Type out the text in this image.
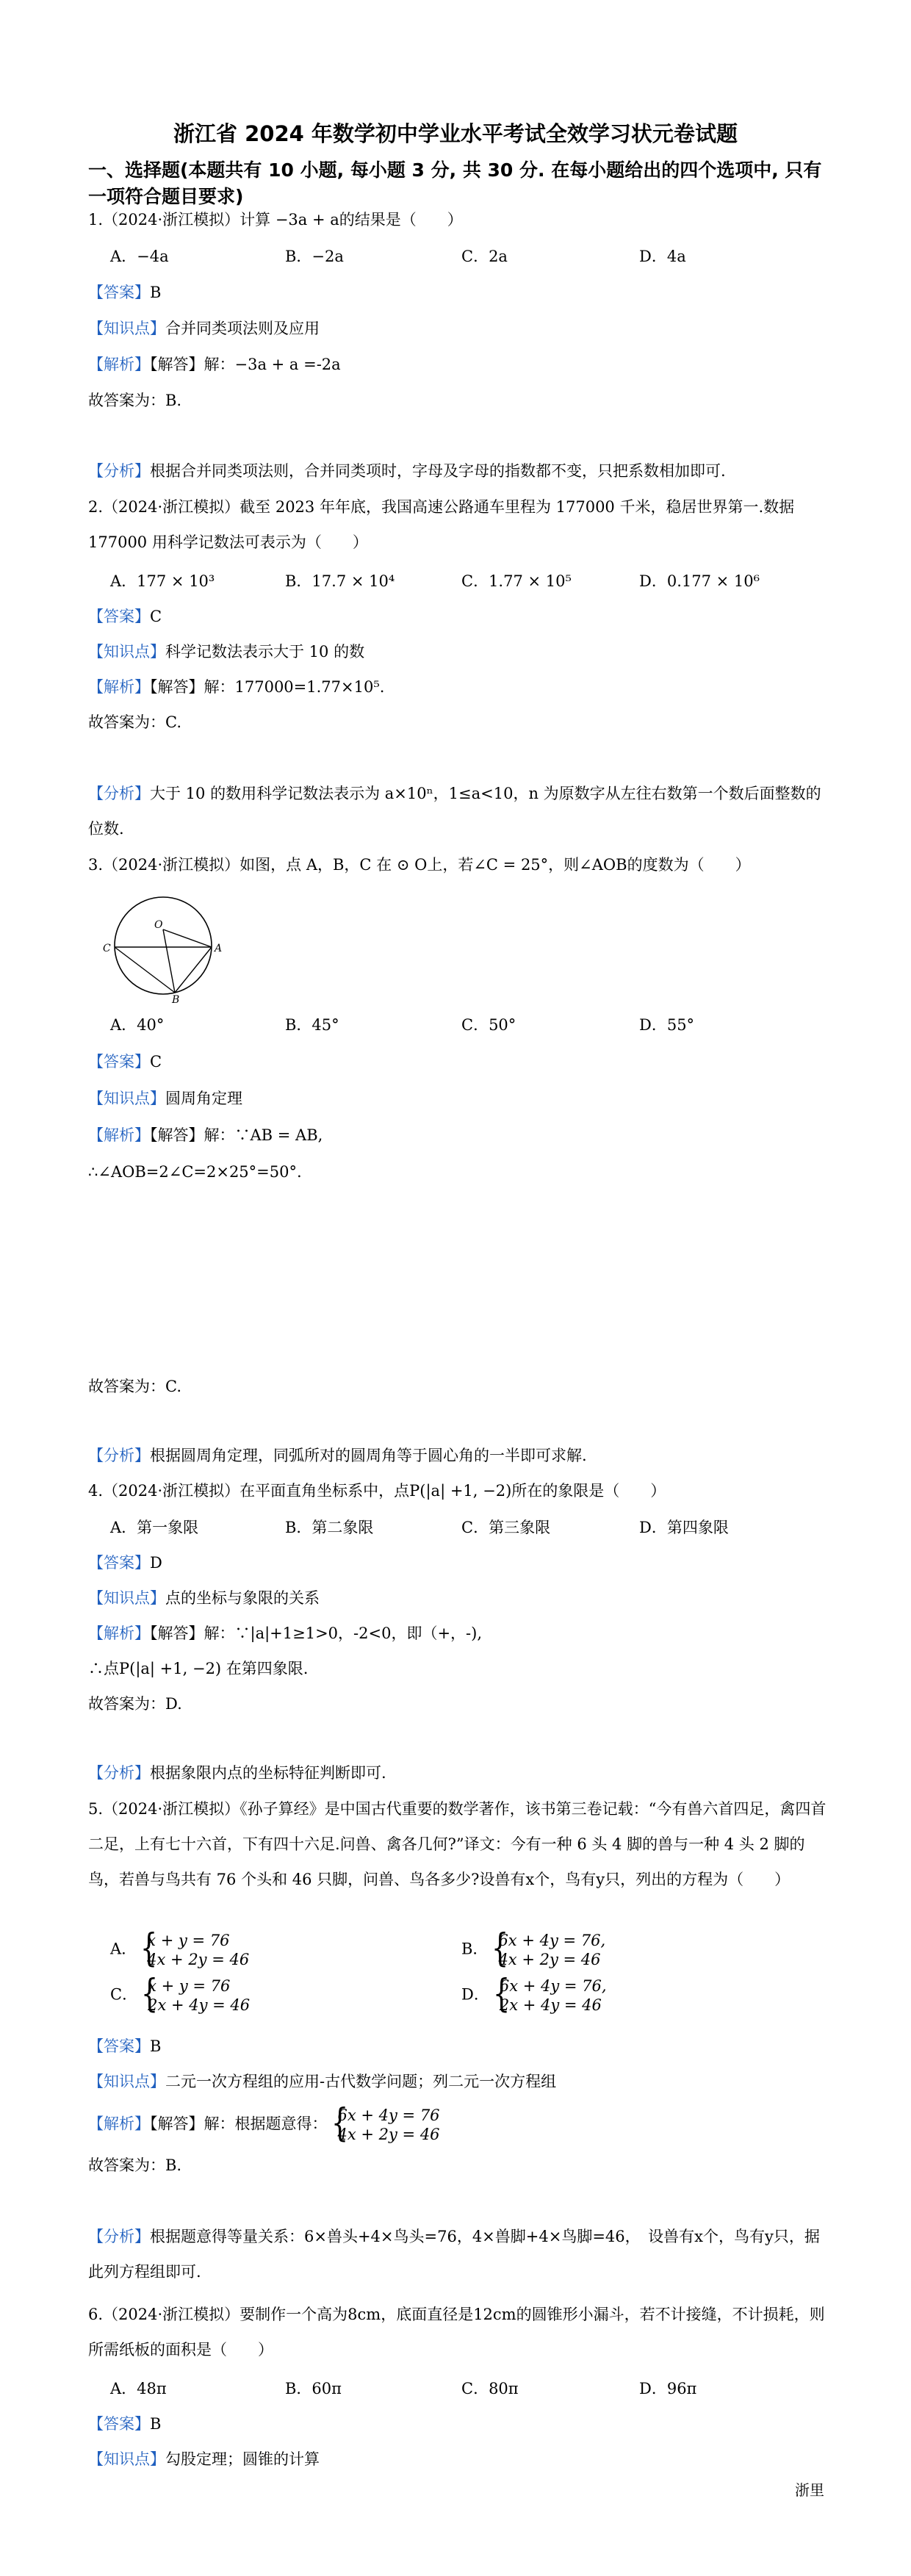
浙江省 2024 年数学初中学业水平考试全效学习状元卷试题
一、选择题(本题共有 10 小题, 每小题 3 分, 共 30 分. 在每小题给出的四个选项中, 只有一项符合题目要求)
1.（2024·浙江模拟）计算 −3a + a的结果是（　　）
A．−4a	B．−2a	C．2a	D．4a
【答案】B
【知识点】合并同类项法则及应用
【解析】【解答】解：−3a + a =-2a
故答案为：B.
【分析】根据合并同类项法则，合并同类项时，字母及字母的指数都不变，只把系数相加即可.
2.（2024·浙江模拟）截至 2023 年年底，我国高速公路通车里程为 177000 千米，稳居世界第一.数据 177000 用科学记数法可表示为（　　）
A．177 × 10³	B．17.7 × 10⁴	C．1.77 × 10⁵	D．0.177 × 10⁶
【答案】C
【知识点】科学记数法表示大于 10 的数
【解析】【解答】解：177000=1.77×10⁵.
故答案为：C.
【分析】大于 10 的数用科学记数法表示为 a×10ⁿ，1≤a<10，n 为原数字从左往右数第一个数后面整数的位数.
3.（2024·浙江模拟）如图，点 A，B，C 在 ⊙ O上，若∠C = 25°，则∠AOB的度数为（　　）
O
C	A
B
A．40°	B．45°	C．50°	D．55°
【答案】C
【知识点】圆周角定理
【解析】【解答】解：∵AB = AB,
∴∠AOB=2∠C=2×25°=50°.
故答案为：C.
【分析】根据圆周角定理，同弧所对的圆周角等于圆心角的一半即可求解.
4.（2024·浙江模拟）在平面直角坐标系中，点P(|a| +1, −2)所在的象限是（　　）
A．第一象限	B．第二象限	C．第三象限	D．第四象限
【答案】D
【知识点】点的坐标与象限的关系
【解析】【解答】解：∵|a|+1≥1>0，-2<0，即（+，-),
∴点P(|a| +1, −2) 在第四象限.
故答案为：D.
【分析】根据象限内点的坐标特征判断即可.
5.（2024·浙江模拟）《孙子算经》是中国古代重要的数学著作，该书第三卷记载：“今有兽六首四足，禽四首二足，上有七十六首，下有四十六足.问兽、禽各几何?”译文：今有一种 6 头 4 脚的兽与一种 4 头 2 脚的鸟，若兽与鸟共有 76 个头和 46 只脚，问兽、鸟各多少?设兽有x个，鸟有y只，列出的方程为（　　）
A． {
x + y = 76
4x + 2y = 46
B． {
6x + 4y = 76,
4x + 2y = 46
C． {
x + y = 76
2x + 4y = 46
D． {
6x + 4y = 76,
2x + 4y = 46
【答案】B
【知识点】二元一次方程组的应用-古代数学问题；列二元一次方程组
【解析】【解答】解：根据题意得： {
6x + 4y = 76
4x + 2y = 46
故答案为：B.
【分析】根据题意得等量关系：6×兽头+4×鸟头=76，4×兽脚+4×鸟脚=46，　设兽有x个，鸟有y只，据此列方程组即可.
6.（2024·浙江模拟）要制作一个高为8cm，底面直径是12cm的圆锥形小漏斗，若不计接缝，不计损耗，则所需纸板的面积是（　　）
A．48π	B．60π	C．80π	D．96π
【答案】B
【知识点】勾股定理；圆锥的计算
浙里
